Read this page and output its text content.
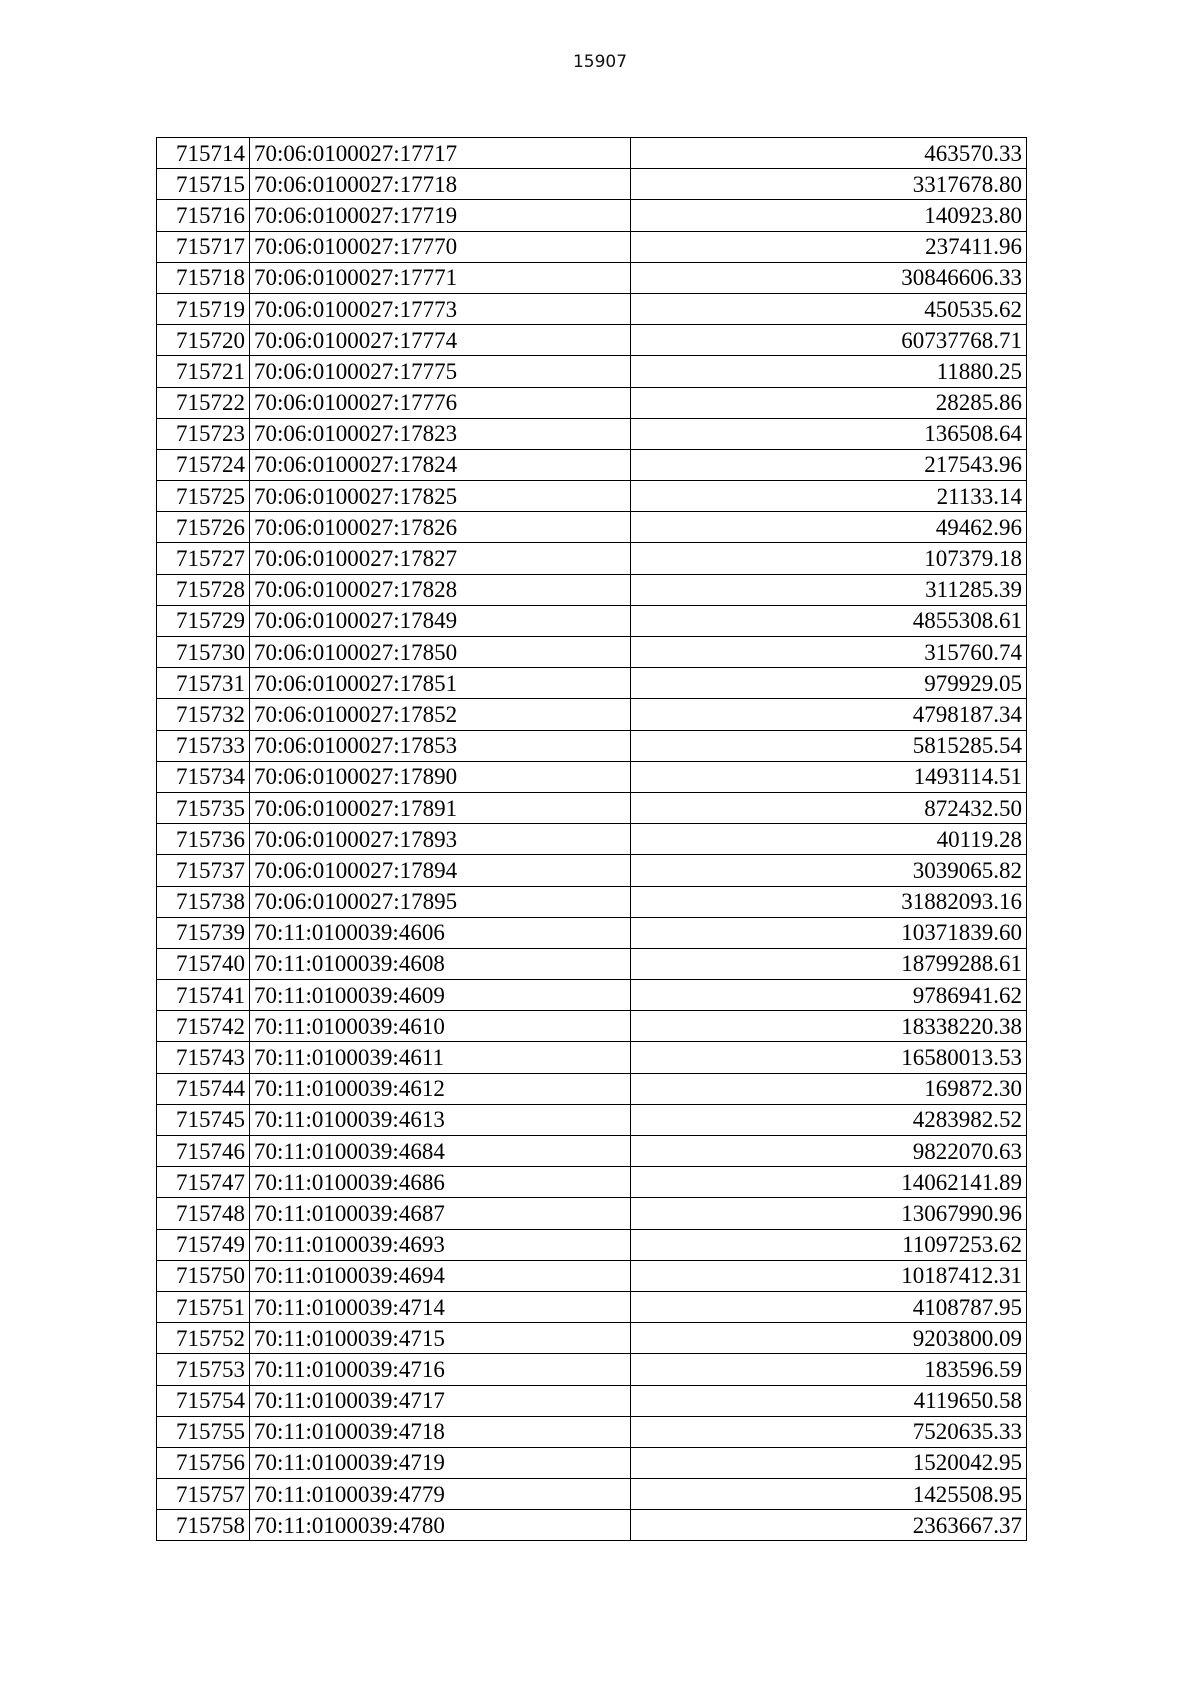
15907
715714	70:06:0100027:17717	463570.33
715715	70:06:0100027:17718	3317678.80
715716	70:06:0100027:17719	140923.80
715717	70:06:0100027:17770	237411.96
715718	70:06:0100027:17771	30846606.33
715719	70:06:0100027:17773	450535.62
715720	70:06:0100027:17774	60737768.71
715721	70:06:0100027:17775	11880.25
715722	70:06:0100027:17776	28285.86
715723	70:06:0100027:17823	136508.64
715724	70:06:0100027:17824	217543.96
715725	70:06:0100027:17825	21133.14
715726	70:06:0100027:17826	49462.96
715727	70:06:0100027:17827	107379.18
715728	70:06:0100027:17828	311285.39
715729	70:06:0100027:17849	4855308.61
715730	70:06:0100027:17850	315760.74
715731	70:06:0100027:17851	979929.05
715732	70:06:0100027:17852	4798187.34
715733	70:06:0100027:17853	5815285.54
715734	70:06:0100027:17890	1493114.51
715735	70:06:0100027:17891	872432.50
715736	70:06:0100027:17893	40119.28
715737	70:06:0100027:17894	3039065.82
715738	70:06:0100027:17895	31882093.16
715739	70:11:0100039:4606	10371839.60
715740	70:11:0100039:4608	18799288.61
715741	70:11:0100039:4609	9786941.62
715742	70:11:0100039:4610	18338220.38
715743	70:11:0100039:4611	16580013.53
715744	70:11:0100039:4612	169872.30
715745	70:11:0100039:4613	4283982.52
715746	70:11:0100039:4684	9822070.63
715747	70:11:0100039:4686	14062141.89
715748	70:11:0100039:4687	13067990.96
715749	70:11:0100039:4693	11097253.62
715750	70:11:0100039:4694	10187412.31
715751	70:11:0100039:4714	4108787.95
715752	70:11:0100039:4715	9203800.09
715753	70:11:0100039:4716	183596.59
715754	70:11:0100039:4717	4119650.58
715755	70:11:0100039:4718	7520635.33
715756	70:11:0100039:4719	1520042.95
715757	70:11:0100039:4779	1425508.95
715758	70:11:0100039:4780	2363667.37
